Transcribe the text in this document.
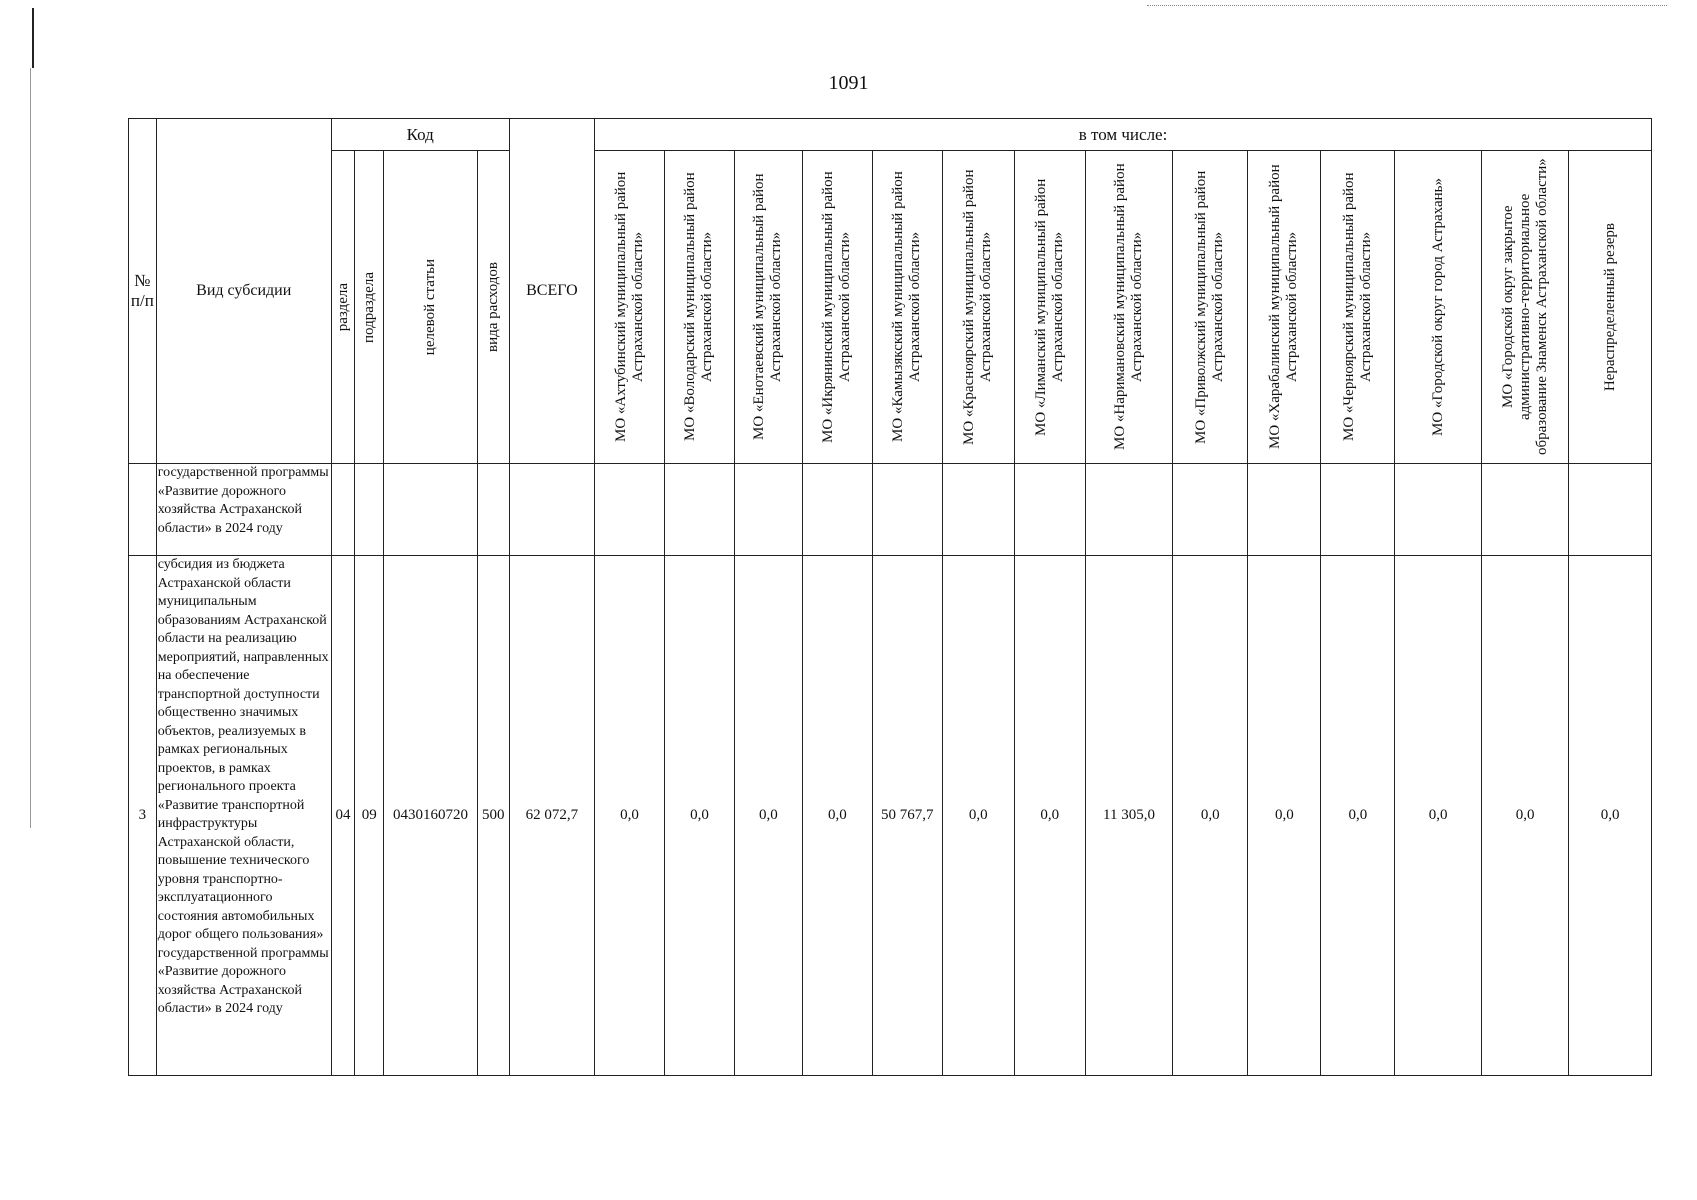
1091
№ п/п	Вид субсидии	Код				ВСЕГО	в том числе:													

		раздела	подраздела	целевой статьи	вида расходов		МО «Ахтубинский муниципальный район Астраханской области»	МО «Володарский муниципальный район Астраханской области»	МО «Енотаевский муниципальный район Астраханской области»	МО «Икрянинский муниципальный район Астраханской области»	МО «Камызякский муниципальный район Астраханской области»	МО «Красноярский муниципальный район Астраханской области»	МО «Лиманский муниципальный район Астраханской области»	МО «Наримановский муниципальный район Астраханской области»	МО «Приволжский муниципальный район Астраханской области»	МО «Харабалинский муниципальный район Астраханской области»	МО «Черноярский муниципальный район Астраханской области»	МО «Городской округ город Астрахань»	МО «Городской округ закрытое административно-территориальное образование Знаменск Астраханской области»	Нераспределенный резерв

	государственной программы «Развитие дорожного хозяйства Астраханской области» в 2024 году																			
3	субсидия из бюджета Астраханской области муниципальным образованиям Астраханской области на реализацию мероприятий, направленных на обеспечение транспортной доступности общественно значимых объектов, реализуемых в рамках региональных проектов, в рамках регионального проекта «Развитие транспортной инфраструктуры Астраханской области, повышение технического уровня транспортно-эксплуатационного состояния автомобильных дорог общего пользования» государственной программы «Развитие дорожного хозяйства Астраханской области» в 2024 году	04	09	0430160720	500	62 072,7	0,0	0,0	0,0	0,0	50 767,7	0,0	0,0	11 305,0	0,0	0,0	0,0	0,0	0,0	0,0
